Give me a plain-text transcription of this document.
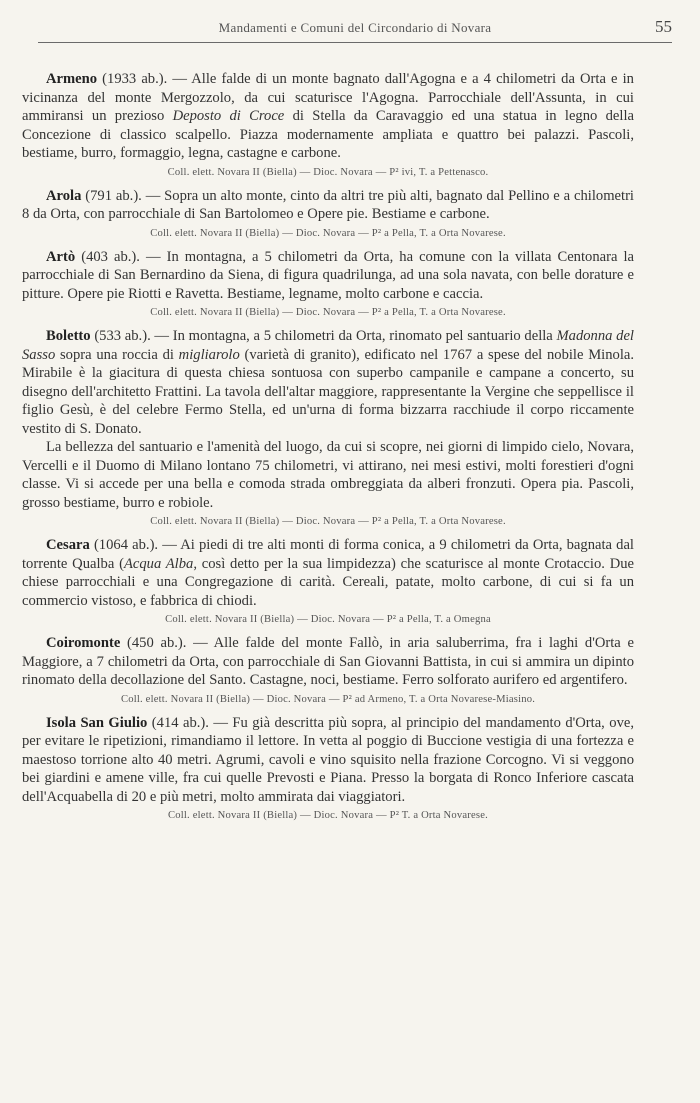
Mandamenti e Comuni del Circondario di Novara	55

Armeno (1933 ab.). — Alle falde di un monte bagnato dall'Agogna e a 4 chilometri da Orta e in vicinanza del monte Mergozzolo, da cui scaturisce l'Agogna. Parrocchiale dell'Assunta, in cui ammiransi un prezioso Deposto di Croce di Stella da Caravaggio ed una statua in legno della Concezione di classico scalpello. Piazza modernamente ampliata e quattro bei palazzi. Pascoli, bestiame, burro, formaggio, legna, castagne e carbone.

Coll. elett. Novara II (Biella) — Dioc. Novara — P² ivi, T. a Pettenasco.

Arola (791 ab.). — Sopra un alto monte, cinto da altri tre più alti, bagnato dal Pellino e a chilometri 8 da Orta, con parrocchiale di San Bartolomeo e Opere pie. Bestiame e carbone.

Coll. elett. Novara II (Biella) — Dioc. Novara — P² a Pella, T. a Orta Novarese.

Artò (403 ab.). — In montagna, a 5 chilometri da Orta, ha comune con la villata Centonara la parrocchiale di San Bernardino da Siena, di figura quadrilunga, ad una sola navata, con belle dorature e pitture. Opere pie Riotti e Ravetta. Bestiame, legname, molto carbone e caccia.

Coll. elett. Novara II (Biella) — Dioc. Novara — P² a Pella, T. a Orta Novarese.

Boletto (533 ab.). — In montagna, a 5 chilometri da Orta, rinomato pel santuario della Madonna del Sasso sopra una roccia di migliarolo (varietà di granito), edificato nel 1767 a spese del nobile Minola. Mirabile è la giacitura di questa chiesa sontuosa con superbo campanile e campane a concerto, su disegno dell'architetto Frattini. La tavola dell'altar maggiore, rappresentante la Vergine che seppellisce il figlio Gesù, è del celebre Fermo Stella, ed un'urna di forma bizzarra racchiude il corpo riccamente vestito di S. Donato.

La bellezza del santuario e l'amenità del luogo, da cui si scopre, nei giorni di limpido cielo, Novara, Vercelli e il Duomo di Milano lontano 75 chilometri, vi attirano, nei mesi estivi, molti forestieri d'ogni classe. Vi si accede per una bella e comoda strada ombreggiata da alberi fronzuti. Opera pia. Pascoli, grosso bestiame, burro e robiole.

Coll. elett. Novara II (Biella) — Dioc. Novara — P² a Pella, T. a Orta Novarese.

Cesara (1064 ab.). — Ai piedi di tre alti monti di forma conica, a 9 chilometri da Orta, bagnata dal torrente Qualba (Acqua Alba, così detto per la sua limpidezza) che scaturisce al monte Crotaccio. Due chiese parrocchiali e una Congregazione di carità. Cereali, patate, molto carbone, di cui si fa un commercio vistoso, e fabbrica di chiodi.

Coll. elett. Novara II (Biella) — Dioc. Novara — P² a Pella, T. a Omegna

Coiromonte (450 ab.). — Alle falde del monte Fallò, in aria saluberrima, fra i laghi d'Orta e Maggiore, a 7 chilometri da Orta, con parrocchiale di San Giovanni Battista, in cui si ammira un dipinto rinomato della decollazione del Santo. Castagne, noci, bestiame. Ferro solforato aurifero ed argentifero.

Coll. elett. Novara II (Biella) — Dioc. Novara — P² ad Armeno, T. a Orta Novarese-Miasino.

Isola San Giulio (414 ab.). — Fu già descritta più sopra, al principio del mandamento d'Orta, ove, per evitare le ripetizioni, rimandiamo il lettore. In vetta al poggio di Buccione vestigia di una fortezza e maestoso torrione alto 40 metri. Agrumi, cavoli e vino squisito nella frazione Corcogno. Vi si veggono bei giardini e amene ville, fra cui quelle Prevosti e Piana. Presso la borgata di Ronco Inferiore cascata dell'Acquabella di 20 e più metri, molto ammirata dai viaggiatori.

Coll. elett. Novara II (Biella) — Dioc. Novara — P² T. a Orta Novarese.
